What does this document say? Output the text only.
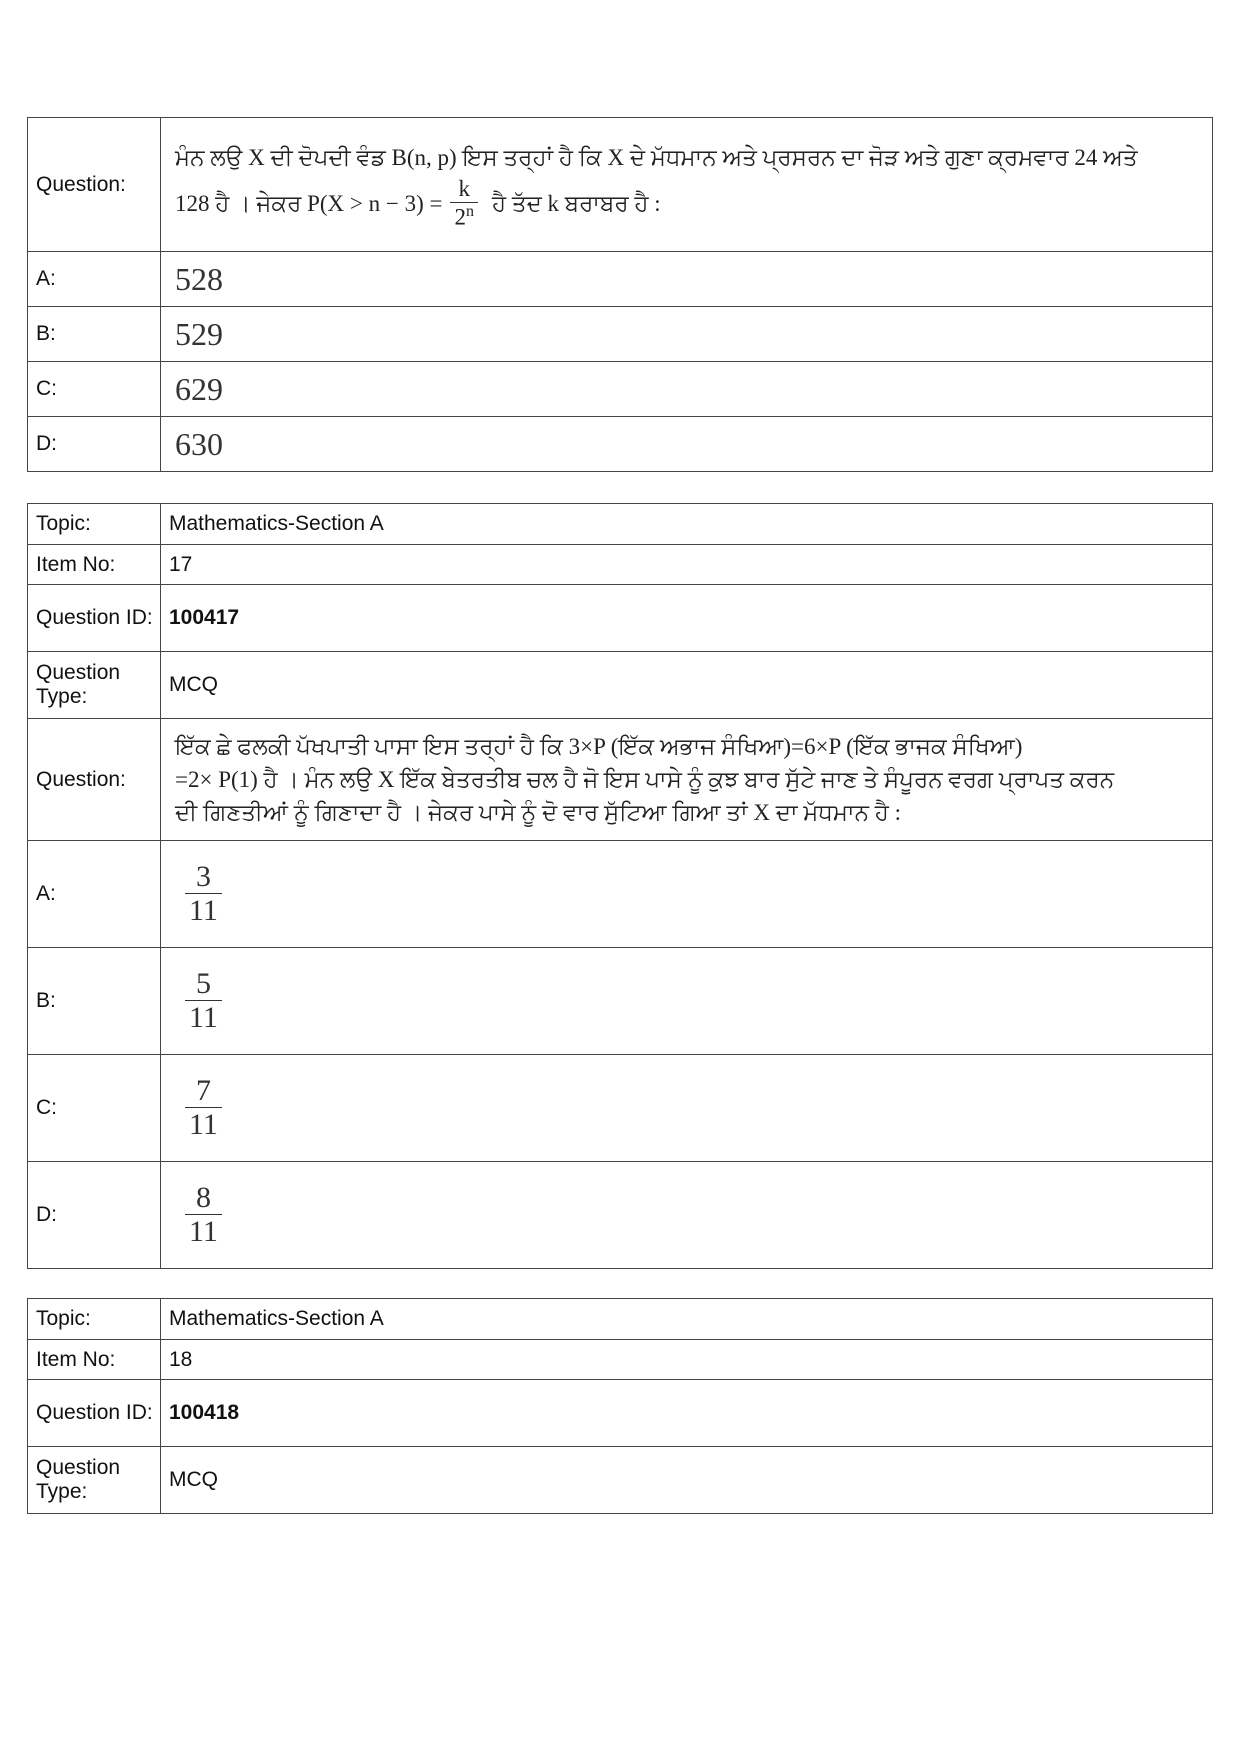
Question:	ਮੰਨ ਲਉ X ਦੀ ਦੋਪਦੀ ਵੰਡ B(n, p) ਇਸ ਤਰ੍ਹਾਂ ਹੈ ਕਿ X ਦੇ ਮੱਧਮਾਨ ਅਤੇ ਪ੍ਰਸਰਨ ਦਾ ਜੋੜ ਅਤੇ ਗੁਣਾ ਕ੍ਰਮਵਾਰ 24 ਅਤੇ
128 ਹੈ । ਜੇਕਰ $P(X > n - 3) = \frac{k}{2^n}$ ਹੈ ਤੱਦ k ਬਰਾਬਰ ਹੈ :

A:	528
B:	529
C:	629
D:	630
Topic:	Mathematics-Section A
Item No:	17
Question ID:	100417
Question Type:	MCQ
Question:	ਇੱਕ ਛੇ ਫਲਕੀ ਪੱਖਪਾਤੀ ਪਾਸਾ ਇਸ ਤਰ੍ਹਾਂ ਹੈ ਕਿ 3×P (ਇੱਕ ਅਭਾਜ ਸੰਖਿਆ)=6×P (ਇੱਕ ਭਾਜਕ ਸੰਖਿਆ)
=2× P(1) ਹੈ । ਮੰਨ ਲਉ X ਇੱਕ ਬੇਤਰਤੀਬ ਚਲ ਹੈ ਜੋ ਇਸ ਪਾਸੇ ਨੂੰ ਕੁਝ ਬਾਰ ਸੁੱਟੇ ਜਾਣ ਤੇ ਸੰਪੂਰਨ ਵਰਗ ਪ੍ਰਾਪਤ ਕਰਨ
ਦੀ ਗਿਣਤੀਆਂ ਨੂੰ ਗਿਣਾਦਾ ਹੈ । ਜੇਕਰ ਪਾਸੇ ਨੂੰ ਦੋ ਵਾਰ ਸੁੱਟਿਆ ਗਿਆ ਤਾਂ X ਦਾ ਮੱਧਮਾਨ ਹੈ :

A:	$\frac{3}{11}$

B:	$\frac{5}{11}$

C:	$\frac{7}{11}$

D:	$\frac{8}{11}$
Topic:	Mathematics-Section A
Item No:	18
Question ID:	100418
Question Type:	MCQ
